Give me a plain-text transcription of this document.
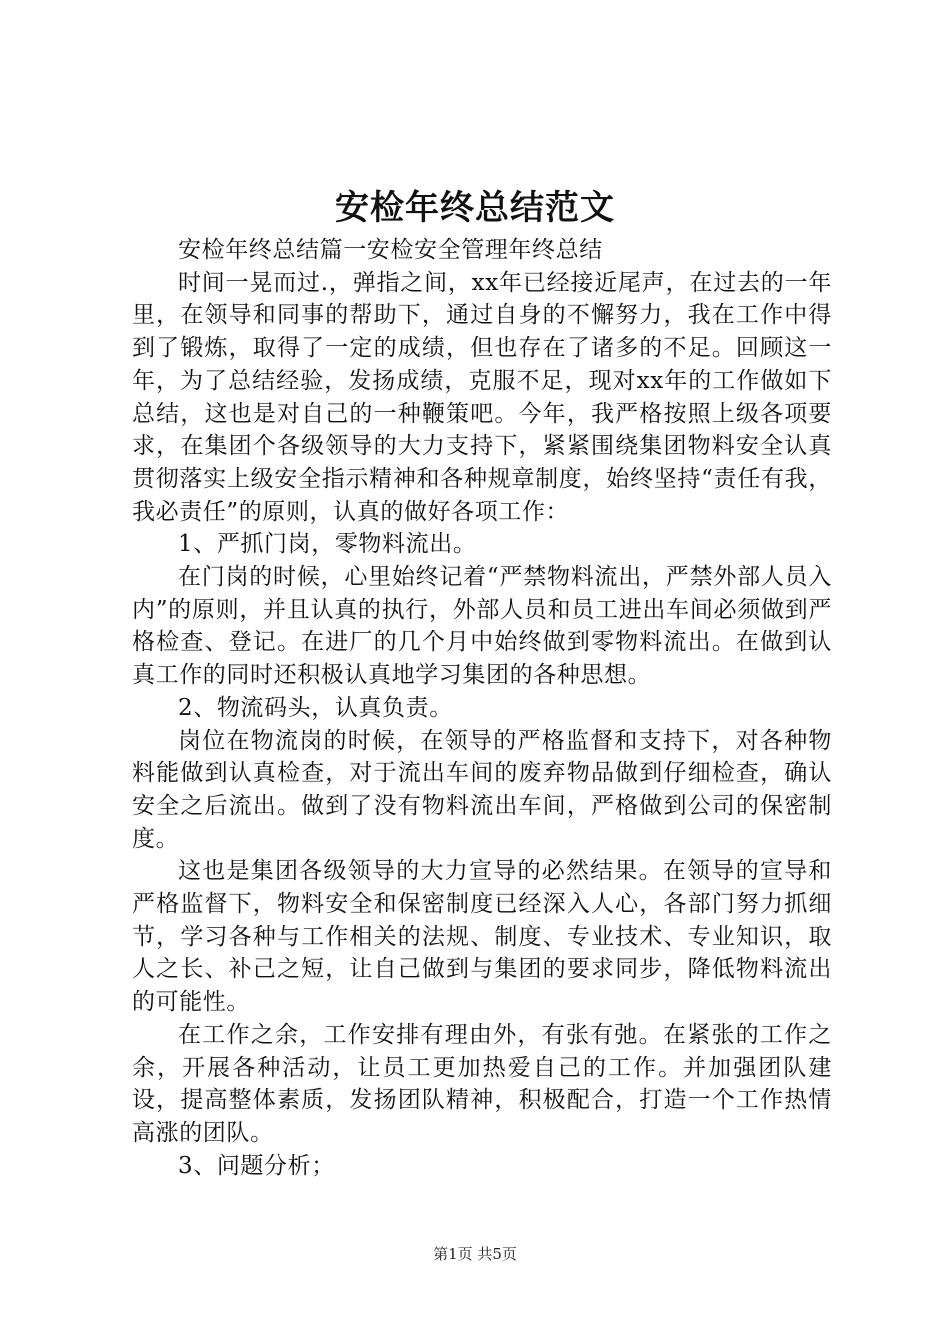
安检年终总结范文

安检年终总结篇一安检安全管理年终总结

时间一晃而过.，弹指之间，xx年已经接近尾声，在过去的一年里，在领导和同事的帮助下，通过自身的不懈努力，我在工作中得到了锻炼，取得了一定的成绩，但也存在了诸多的不足。回顾这一年，为了总结经验，发扬成绩，克服不足，现对xx年的工作做如下总结，这也是对自己的一种鞭策吧。今年，我严格按照上级各项要求，在集团个各级领导的大力支持下，紧紧围绕集团物料安全认真贯彻落实上级安全指示精神和各种规章制度，始终坚持“责任有我，我必责任”的原则，认真的做好各项工作：

1、严抓门岗，零物料流出。

在门岗的时候，心里始终记着“严禁物料流出，严禁外部人员入内”的原则，并且认真的执行，外部人员和员工进出车间必须做到严格检查、登记。在进厂的几个月中始终做到零物料流出。在做到认真工作的同时还积极认真地学习集团的各种思想。

2、物流码头，认真负责。

岗位在物流岗的时候，在领导的严格监督和支持下，对各种物料能做到认真检查，对于流出车间的废弃物品做到仔细检查，确认安全之后流出。做到了没有物料流出车间，严格做到公司的保密制度。

这也是集团各级领导的大力宣导的必然结果。在领导的宣导和严格监督下，物料安全和保密制度已经深入人心，各部门努力抓细节，学习各种与工作相关的法规、制度、专业技术、专业知识，取人之长、补己之短，让自己做到与集团的要求同步，降低物料流出的可能性。

在工作之余，工作安排有理由外，有张有弛。在紧张的工作之余，开展各种活动，让员工更加热爱自己的工作。并加强团队建设，提高整体素质，发扬团队精神，积极配合，打造一个工作热情高涨的团队。

3、问题分析；

第1页 共5页
